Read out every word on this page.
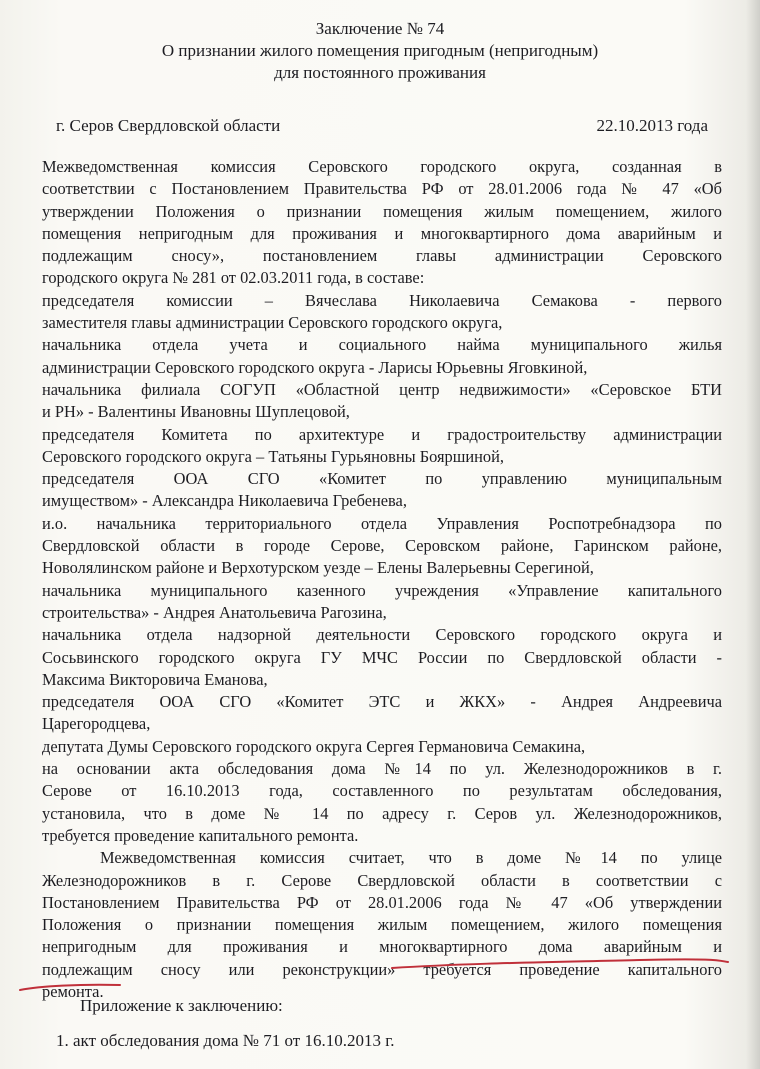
Заключение № 74
О признании жилого помещения пригодным (непригодным)
для постоянного проживания
г. Серов Свердловской области	22.10.2013 года

Межведомственная комиссия Серовского городского округа, созданная в

соответствии с Постановлением Правительства РФ от 28.01.2006 года № 47 «Об

утверждении Положения о признании помещения жилым помещением, жилого

помещения непригодным для проживания и многоквартирного дома аварийным и

подлежащим сносу», постановлением главы администрации Серовского

городского округа № 281 от 02.03.2011 года, в составе:

председателя комиссии – Вячеслава Николаевича Семакова - первого

заместителя главы администрации Серовского городского округа,

начальника отдела учета и социального найма муниципального жилья

администрации Серовского городского округа - Ларисы Юрьевны Яговкиной,

начальника филиала СОГУП «Областной центр недвижимости» «Серовское БТИ

и РН» - Валентины Ивановны Шуплецовой,

председателя Комитета по архитектуре и градостроительству администрации

Серовского городского округа – Татьяны Гурьяновны Бояршиной,

председателя ООА СГО «Комитет по управлению муниципальным

имуществом» - Александра Николаевича Гребенева,

и.о. начальника территориального отдела Управления Роспотребнадзора по

Свердловской области в городе Серове, Серовском районе, Гаринском районе,

Новолялинском районе и Верхотурском уезде – Елены Валерьевны Серегиной,

начальника муниципального казенного учреждения «Управление капитального

строительства» - Андрея Анатольевича Рагозина,

начальника отдела надзорной деятельности Серовского городского округа и

Сосьвинского городского округа ГУ МЧС России по Свердловской области -

Максима Викторовича Еманова,

председателя ООА СГО «Комитет ЭТС и ЖКХ» - Андрея Андреевича

Царегородцева,

депутата Думы Серовского городского округа Сергея Германовича Семакина,

на основании акта обследования дома №14 по ул. Железнодорожников в г.

Серове от 16.10.2013 года, составленного по результатам обследования,

установила, что в доме № 14 по адресу г. Серов ул. Железнодорожников,

требуется проведение капитального ремонта.

Межведомственная комиссия считает, что в доме №14 по улице

Железнодорожников в г. Серове Свердловской области в соответствии с

Постановлением Правительства РФ от 28.01.2006 года № 47 «Об утверждении

Положения о признании помещения жилым помещением, жилого помещения

непригодным для проживания и многоквартирного дома аварийным и

подлежащим сносу или реконструкции» требуется проведение капитального

ремонта.

Приложение к заключению:
1. акт обследования дома № 71 от 16.10.2013 г.
